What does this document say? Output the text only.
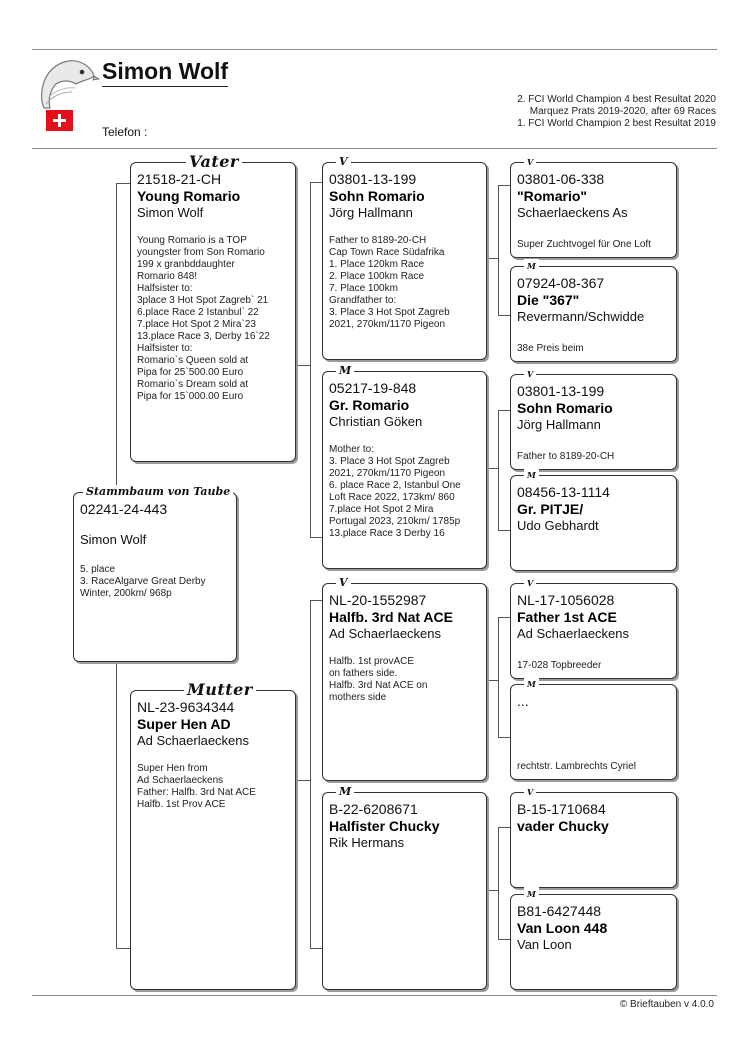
Simon Wolf
Telefon :
2. FCI World Champion 4 best Resultat 2020
Marquez Prats 2019-2020, after 69 Races
1. FCI World Champion 2 best Resultat 2019
02241-24-443
Simon Wolf
5. place
3. RaceAlgarve Great Derby
Winter, 200km/ 968p
Stammbaum von Taube
21518-21-CH
Young Romario
Simon Wolf
Young Romario is a TOP
youngster from Son Romario
199 x granbddaughter
Romario 848!
Halfsister to:
3place 3 Hot Spot Zagreb` 21
6.place Race 2 Istanbul` 22
7.place Hot Spot 2 Mira`23
13.place Race 3, Derby 16`22
Halfsister to:
Romario`s Queen sold at
Pipa for 25`500.00 Euro
Romario`s Dream sold at
Pipa for 15`000.00 Euro
Vater
NL-23-9634344
Super Hen AD
Ad Schaerlaeckens
Super Hen from
Ad Schaerlaeckens
Father: Halfb. 3rd Nat ACE
Halfb. 1st Prov ACE
Mutter
03801-13-199
Sohn Romario
Jörg Hallmann
Father to 8189-20-CH
Cap Town Race Südafrika
1. Place 120km Race
2. Place 100km Race
7. Place 100km
Grandfather to:
3. Place 3 Hot Spot Zagreb
2021, 270km/1170 Pigeon
V
05217-19-848
Gr. Romario
Christian Göken
Mother to:
3. Place 3 Hot Spot Zagreb
2021, 270km/1170 Pigeon
6. place Race 2, Istanbul One
Loft Race 2022, 173km/ 860
7.place Hot Spot 2 Mira
Portugal 2023, 210km/ 1785p
13.place Race 3 Derby 16
M
NL-20-1552987
Halfb. 3rd Nat ACE
Ad Schaerlaeckens
Halfb. 1st provACE
on fathers side.
Halfb. 3rd Nat ACE on
mothers side
V
B-22-6208671
Halfister Chucky
Rik Hermans
M
03801-06-338
"Romario"
Schaerlaeckens As
Super Zuchtvogel für One Loft
V
07924-08-367
Die "367"
Revermann/Schwidde
38e Preis beim
M
03801-13-199
Sohn Romario
Jörg Hallmann
Father to 8189-20-CH
V
08456-13-1114
Gr. PITJE/
Udo Gebhardt
M
NL-17-1056028
Father 1st ACE
Ad Schaerlaeckens
17-028 Topbreeder
V
...
rechtstr. Lambrechts Cyriel
M
B-15-1710684
vader Chucky
V
B81-6427448
Van Loon 448
Van Loon
M
© Brieftauben v 4.0.0
